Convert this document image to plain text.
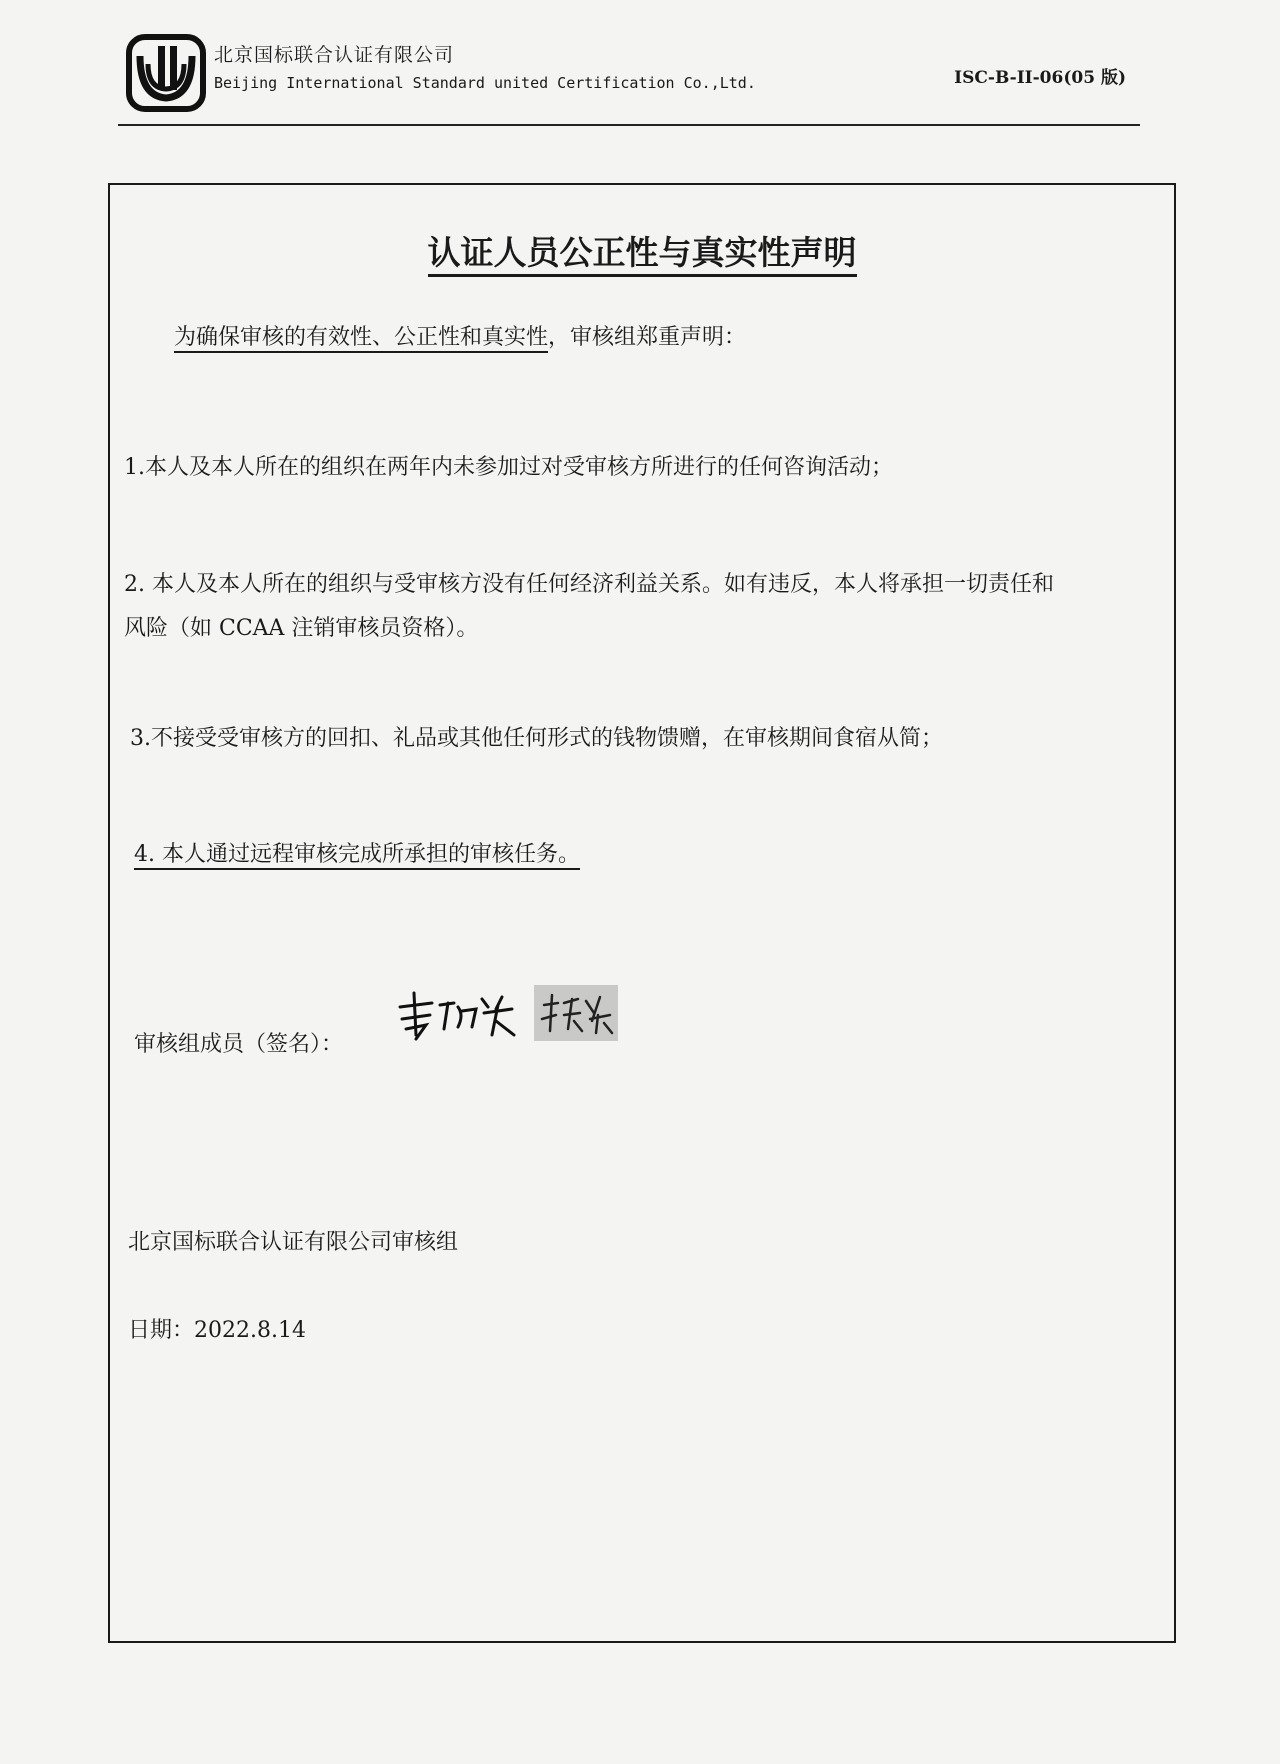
北京国标联合认证有限公司
Beijing International Standard united Certification Co.,Ltd.	ISC-B-II-06(05 版)
认证人员公正性与真实性声明
为确保审核的有效性、公正性和真实性，审核组郑重声明：
1.本人及本人所在的组织在两年内未参加过对受审核方所进行的任何咨询活动；
2. 本人及本人所在的组织与受审核方没有任何经济利益关系。如有违反，本人将承担一切责任和
风险（如 CCAA 注销审核员资格）。
3.不接受受审核方的回扣、礼品或其他任何形式的钱物馈赠，在审核期间食宿从简；
4. 本人通过远程审核完成所承担的审核任务。
审核组成员（签名）：
北京国标联合认证有限公司审核组
日期：2022.8.14
